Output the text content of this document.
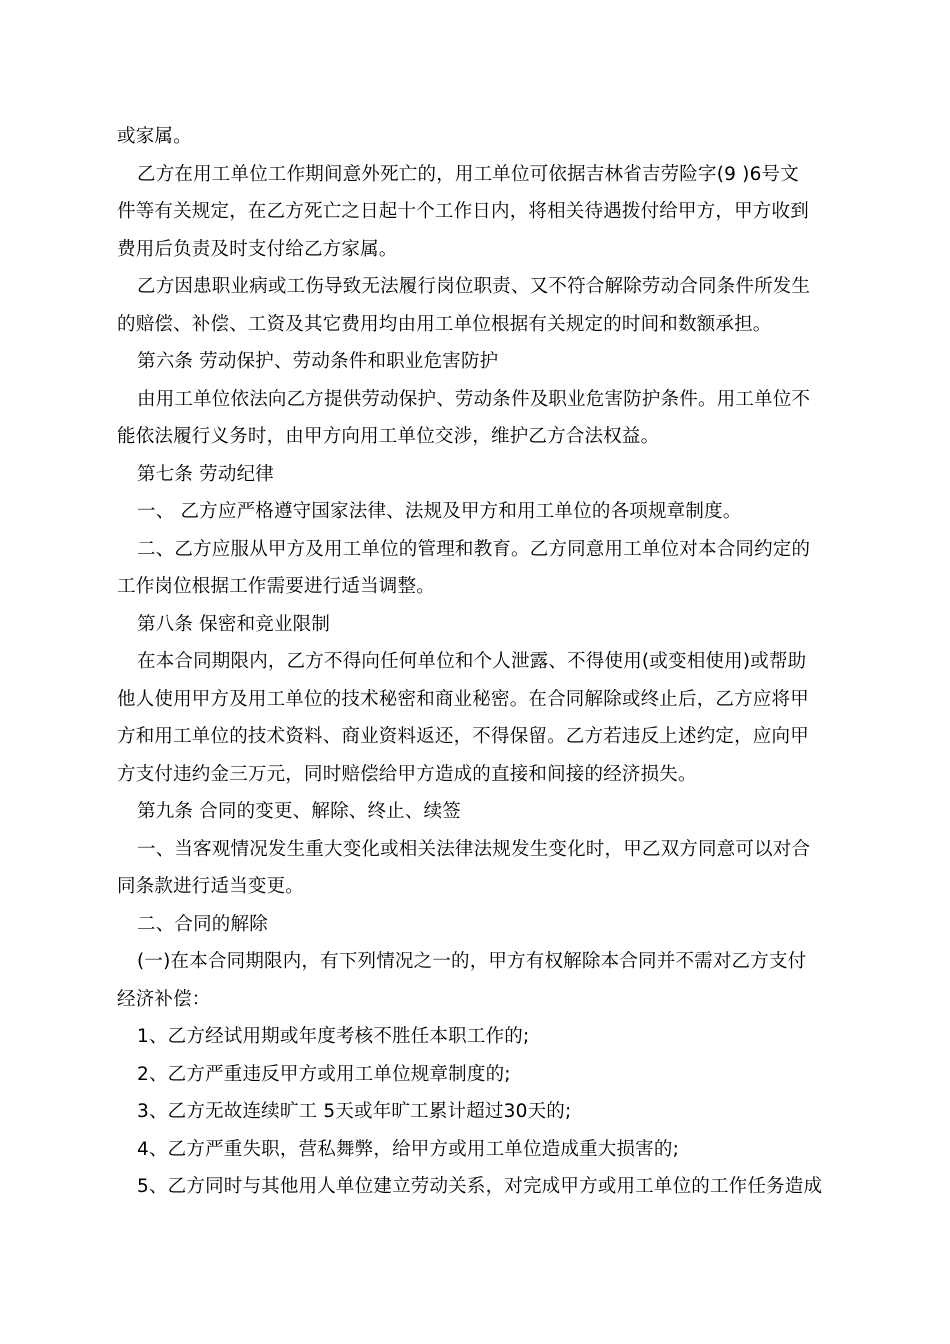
或家属。
乙方在用工单位工作期间意外死亡的，用工单位可依据吉林省吉劳险字(9 )6号文
件等有关规定，在乙方死亡之日起十个工作日内，将相关待遇拨付给甲方，甲方收到
费用后负责及时支付给乙方家属。
乙方因患职业病或工伤导致无法履行岗位职责、又不符合解除劳动合同条件所发生
的赔偿、补偿、工资及其它费用均由用工单位根据有关规定的时间和数额承担。
第六条 劳动保护、劳动条件和职业危害防护
由用工单位依法向乙方提供劳动保护、劳动条件及职业危害防护条件。用工单位不
能依法履行义务时，由甲方向用工单位交涉，维护乙方合法权益。
第七条 劳动纪律
一、 乙方应严格遵守国家法律、法规及甲方和用工单位的各项规章制度。
二、乙方应服从甲方及用工单位的管理和教育。乙方同意用工单位对本合同约定的
工作岗位根据工作需要进行适当调整。
第八条 保密和竞业限制
在本合同期限内，乙方不得向任何单位和个人泄露、不得使用(或变相使用)或帮助
他人使用甲方及用工单位的技术秘密和商业秘密。在合同解除或终止后，乙方应将甲
方和用工单位的技术资料、商业资料返还，不得保留。乙方若违反上述约定，应向甲
方支付违约金三万元，同时赔偿给甲方造成的直接和间接的经济损失。
第九条 合同的变更、解除、终止、续签
一、当客观情况发生重大变化或相关法律法规发生变化时，甲乙双方同意可以对合
同条款进行适当变更。
二、合同的解除
(一)在本合同期限内，有下列情况之一的，甲方有权解除本合同并不需对乙方支付
经济补偿：
1、乙方经试用期或年度考核不胜任本职工作的;
2、乙方严重违反甲方或用工单位规章制度的;
3、乙方无故连续旷工 5天或年旷工累计超过30天的;
4、乙方严重失职，营私舞弊，给甲方或用工单位造成重大损害的;
5、乙方同时与其他用人单位建立劳动关系，对完成甲方或用工单位的工作任务造成
